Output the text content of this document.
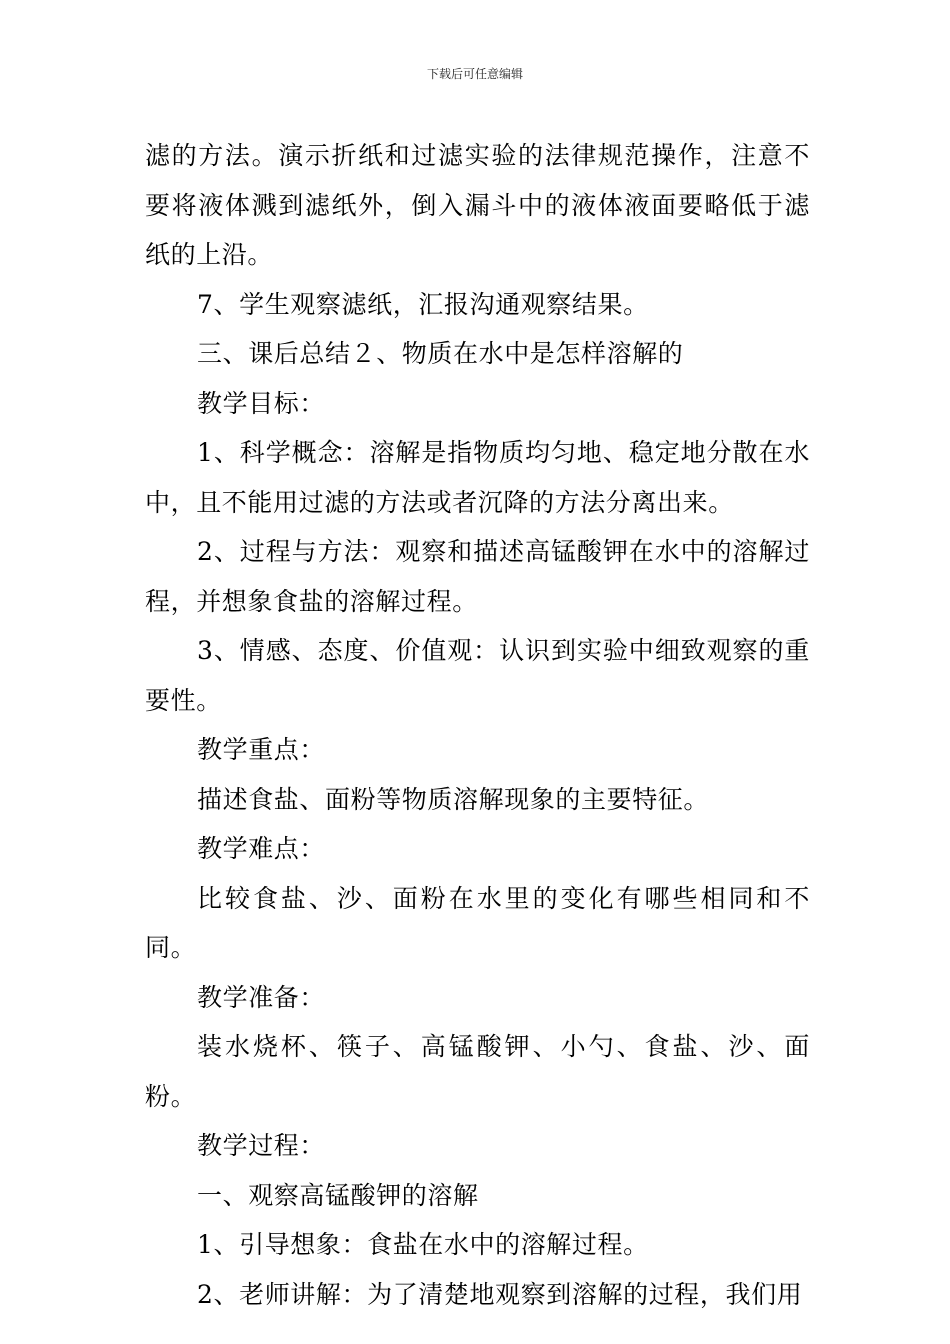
下载后可任意编辑

滤的方法。演示折纸和过滤实验的法律规范操作，注意不要将液体溅到滤纸外，倒入漏斗中的液体液面要略低于滤纸的上沿。

7、学生观察滤纸，汇报沟通观察结果。

三、课后总结２、物质在水中是怎样溶解的

教学目标：

1、科学概念：溶解是指物质均匀地、稳定地分散在水中，且不能用过滤的方法或者沉降的方法分离出来。

2、过程与方法：观察和描述高锰酸钾在水中的溶解过程，并想象食盐的溶解过程。

3、情感、态度、价值观：认识到实验中细致观察的重要性。

教学重点：

描述食盐、面粉等物质溶解现象的主要特征。

教学难点：

比较食盐、沙、面粉在水里的变化有哪些相同和不同。

教学准备：

装水烧杯、筷子、高锰酸钾、小勺、食盐、沙、面粉。

教学过程：

一、观察高锰酸钾的溶解

1、引导想象：食盐在水中的溶解过程。

2、老师讲解：为了清楚地观察到溶解的过程，我们用
